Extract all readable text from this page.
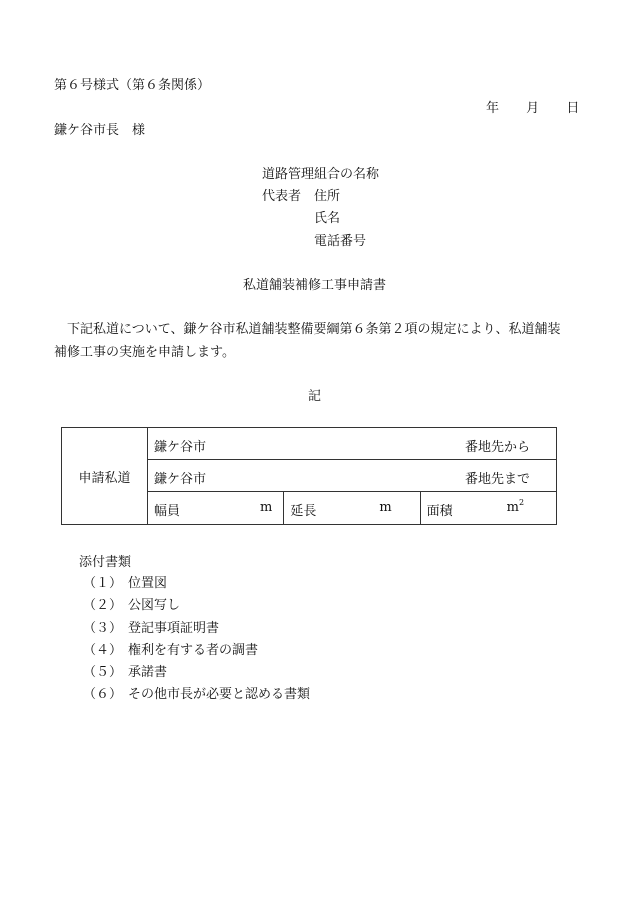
第６号様式（第６条関係）
年 月 日
鎌ケ谷市長　様
道路管理組合の名称
代表者 住所
氏名
電話番号
私道舗装補修工事申請書
下記私道について、鎌ケ谷市私道舗装整備要綱第６条第２項の規定により、私道舗装
補修工事の実施を申請します。
記
申請私道	鎌ケ谷市 番地先から		

	鎌ケ谷市 番地先まで		

	幅員 m	延長 m	面積 $m^2$
添付書類
（１） 位置図
（２） 公図写し
（３） 登記事項証明書
（４） 権利を有する者の調書
（５） 承諾書
（６） その他市長が必要と認める書類
